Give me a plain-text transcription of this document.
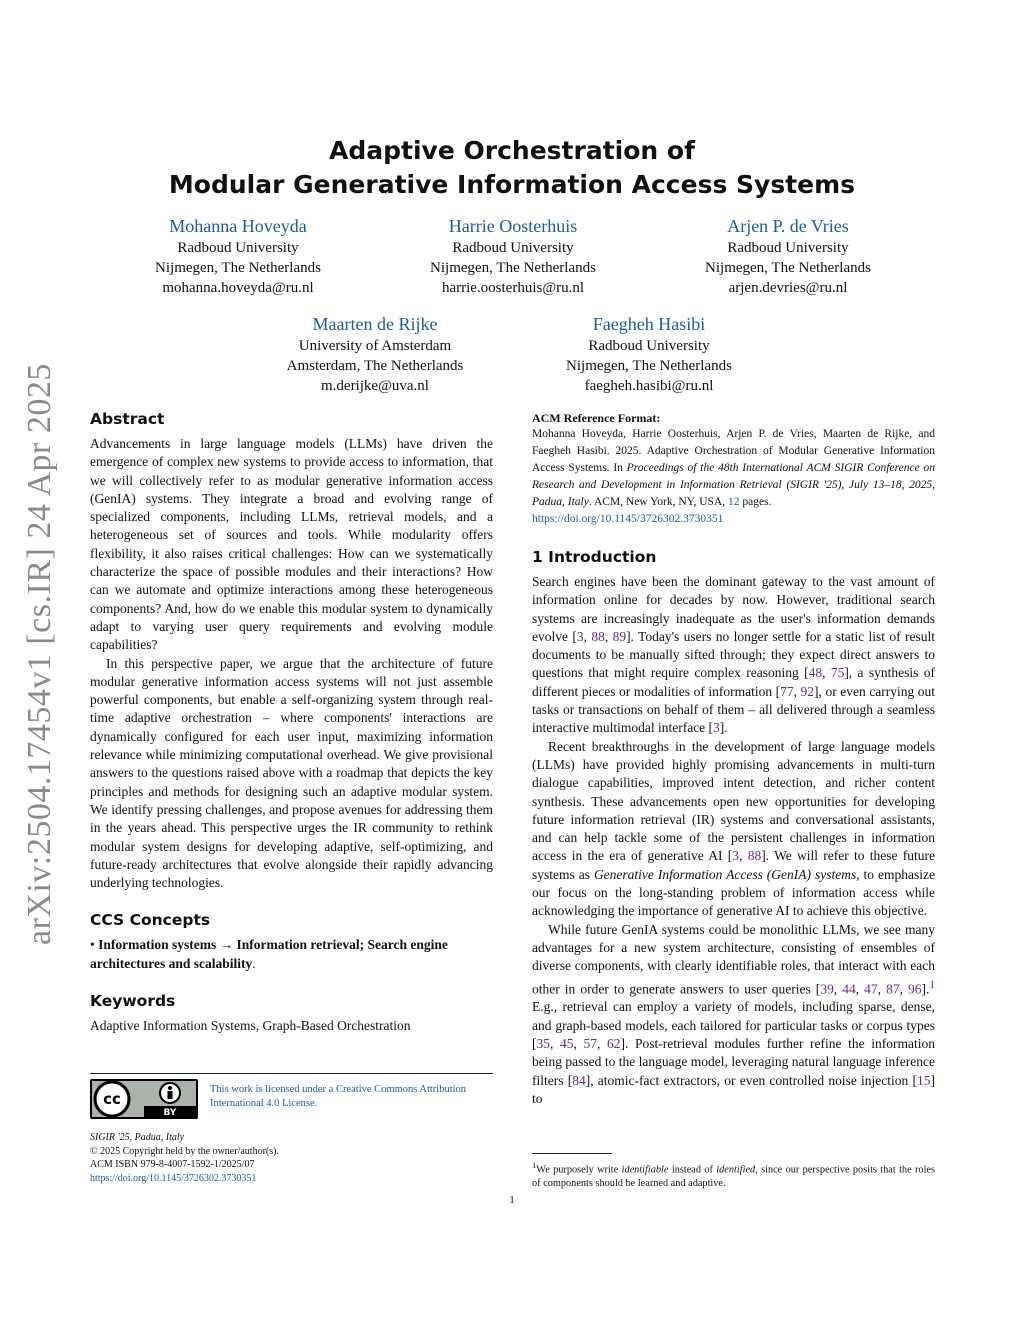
arXiv:2504.17454v1 [cs.IR] 24 Apr 2025
Adaptive Orchestration of
Modular Generative Information Access Systems
Mohanna Hoveyda
Radboud University
Nijmegen, The Netherlands
mohanna.hoveyda@ru.nl
Harrie Oosterhuis
Radboud University
Nijmegen, The Netherlands
harrie.oosterhuis@ru.nl
Arjen P. de Vries
Radboud University
Nijmegen, The Netherlands
arjen.devries@ru.nl
Maarten de Rijke
University of Amsterdam
Amsterdam, The Netherlands
m.derijke@uva.nl
Faegheh Hasibi
Radboud University
Nijmegen, The Netherlands
faegheh.hasibi@ru.nl
Abstract

Advancements in large language models (LLMs) have driven the emergence of complex new systems to provide access to information, that we will collectively refer to as modular generative information access (GenIA) systems. They integrate a broad and evolving range of specialized components, including LLMs, retrieval models, and a heterogeneous set of sources and tools. While modularity offers flexibility, it also raises critical challenges: How can we systematically characterize the space of possible modules and their interactions? How can we automate and optimize interactions among these heterogeneous components? And, how do we enable this modular system to dynamically adapt to varying user query requirements and evolving module capabilities?

In this perspective paper, we argue that the architecture of future modular generative information access systems will not just assemble powerful components, but enable a self-organizing system through real-time adaptive orchestration – where components' interactions are dynamically configured for each user input, maximizing information relevance while minimizing computational overhead. We give provisional answers to the questions raised above with a roadmap that depicts the key principles and methods for designing such an adaptive modular system. We identify pressing challenges, and propose avenues for addressing them in the years ahead. This perspective urges the IR community to rethink modular system designs for developing adaptive, self-optimizing, and future-ready architectures that evolve alongside their rapidly advancing underlying technologies.

CCS Concepts

• Information systems → Information retrieval; Search engine architectures and scalability.

Keywords

Adaptive Information Systems, Graph-Based Orchestration

cc
BY
This work is licensed under a Creative Commons Attribution International 4.0 License.
SIGIR '25, Padua, Italy
© 2025 Copyright held by the owner/author(s).
ACM ISBN 979-8-4007-1592-1/2025/07
https://doi.org/10.1145/3726302.3730351
ACM Reference Format:

Mohanna Hoveyda, Harrie Oosterhuis, Arjen P. de Vries, Maarten de Rijke, and Faegheh Hasibi. 2025. Adaptive Orchestration of Modular Generative Information Access Systems. In Proceedings of the 48th International ACM SIGIR Conference on Research and Development in Information Retrieval (SIGIR '25), July 13–18, 2025, Padua, Italy. ACM, New York, NY, USA, 12 pages.
https://doi.org/10.1145/3726302.3730351

1 Introduction

Search engines have been the dominant gateway to the vast amount of information online for decades by now. However, traditional search systems are increasingly inadequate as the user's information demands evolve [3, 88, 89]. Today's users no longer settle for a static list of result documents to be manually sifted through; they expect direct answers to questions that might require complex reasoning [48, 75], a synthesis of different pieces or modalities of information [77, 92], or even carrying out tasks or transactions on behalf of them – all delivered through a seamless interactive multimodal interface [3].

Recent breakthroughs in the development of large language models (LLMs) have provided highly promising advancements in multi-turn dialogue capabilities, improved intent detection, and richer content synthesis. These advancements open new opportunities for developing future information retrieval (IR) systems and conversational assistants, and can help tackle some of the persistent challenges in information access in the era of generative AI [3, 88]. We will refer to these future systems as Generative Information Access (GenIA) systems, to emphasize our focus on the long-standing problem of information access while acknowledging the importance of generative AI to achieve this objective.

While future GenIA systems could be monolithic LLMs, we see many advantages for a new system architecture, consisting of ensembles of diverse components, with clearly identifiable roles, that interact with each other in order to generate answers to user queries [39, 44, 47, 87, 96].$^1$ E.g., retrieval can employ a variety of models, including sparse, dense, and graph-based models, each tailored for particular tasks or corpus types [35, 45, 57, 62]. Post-retrieval modules further refine the information being passed to the language model, leveraging natural language inference filters [84], atomic-fact extractors, or even controlled noise injection [15] to

$^1$We purposely write identifiable instead of identified, since our perspective posits that the roles of components should be learned and adaptive.
1
